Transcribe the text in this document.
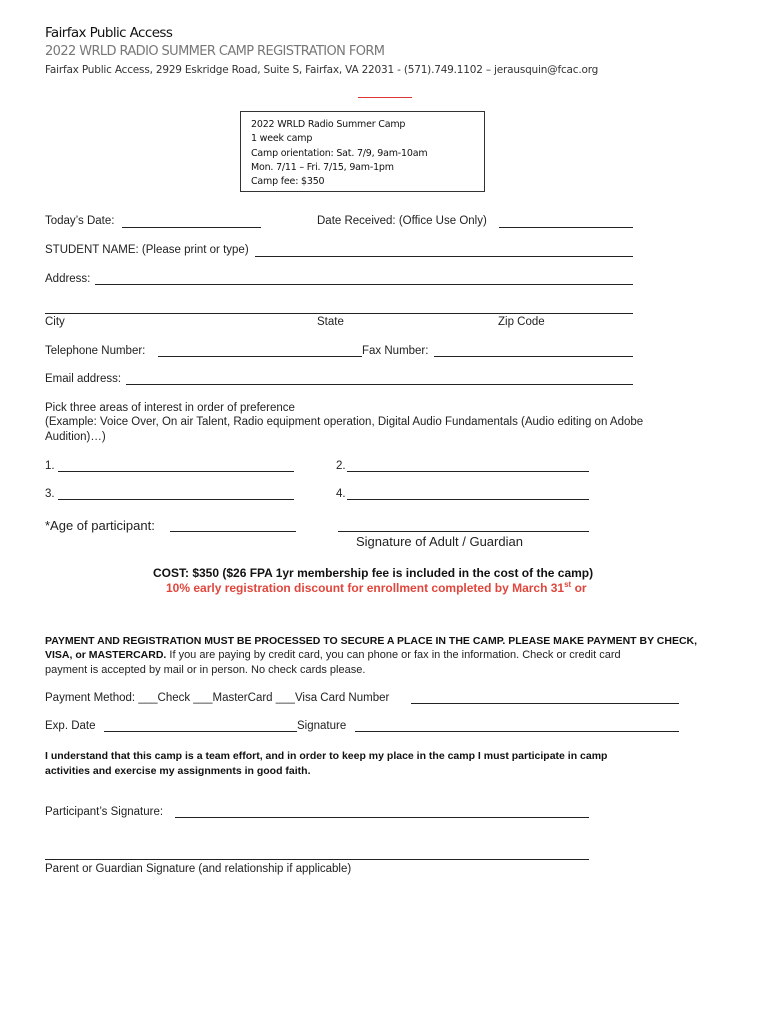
Fairfax Public Access
2022 WRLD RADIO SUMMER CAMP REGISTRATION FORM
Fairfax Public Access, 2929 Eskridge Road, Suite S, Fairfax, VA 22031 - (571).749.1102 – jerausquin@fcac.org
2022 WRLD Radio Summer Camp
1 week camp
Camp orientation: Sat. 7/9, 9am-10am
Mon. 7/11 – Fri. 7/15, 9am-1pm
Camp fee: $350
Today’s Date:	Date Received: (Office Use Only)
STUDENT NAME: (Please print or type)
Address:
City	State	Zip Code
Telephone Number:	Fax Number:
Email address:
Pick three areas of interest in order of preference
(Example: Voice Over, On air Talent, Radio equipment operation, Digital Audio Fundamentals (Audio editing on Adobe
Audition)…)
1.	2.
3.	4.
*Age of participant:
Signature of Adult / Guardian
COST: $350 ($26 FPA 1yr membership fee is included in the cost of the camp)
10% early registration discount for enrollment completed by March 31st or
PAYMENT AND REGISTRATION MUST BE PROCESSED TO SECURE A PLACE IN THE CAMP. PLEASE MAKE PAYMENT BY CHECK,
VISA, or MASTERCARD. If you are paying by credit card, you can phone or fax in the information. Check or credit card
payment is accepted by mail or in person. No check cards please.
Payment Method: ___Check ___MasterCard ___Visa Card Number
Exp. Date	Signature
I understand that this camp is a team effort, and in order to keep my place in the camp I must participate in camp
activities and exercise my assignments in good faith.
Participant’s Signature:
Parent or Guardian Signature (and relationship if applicable)
